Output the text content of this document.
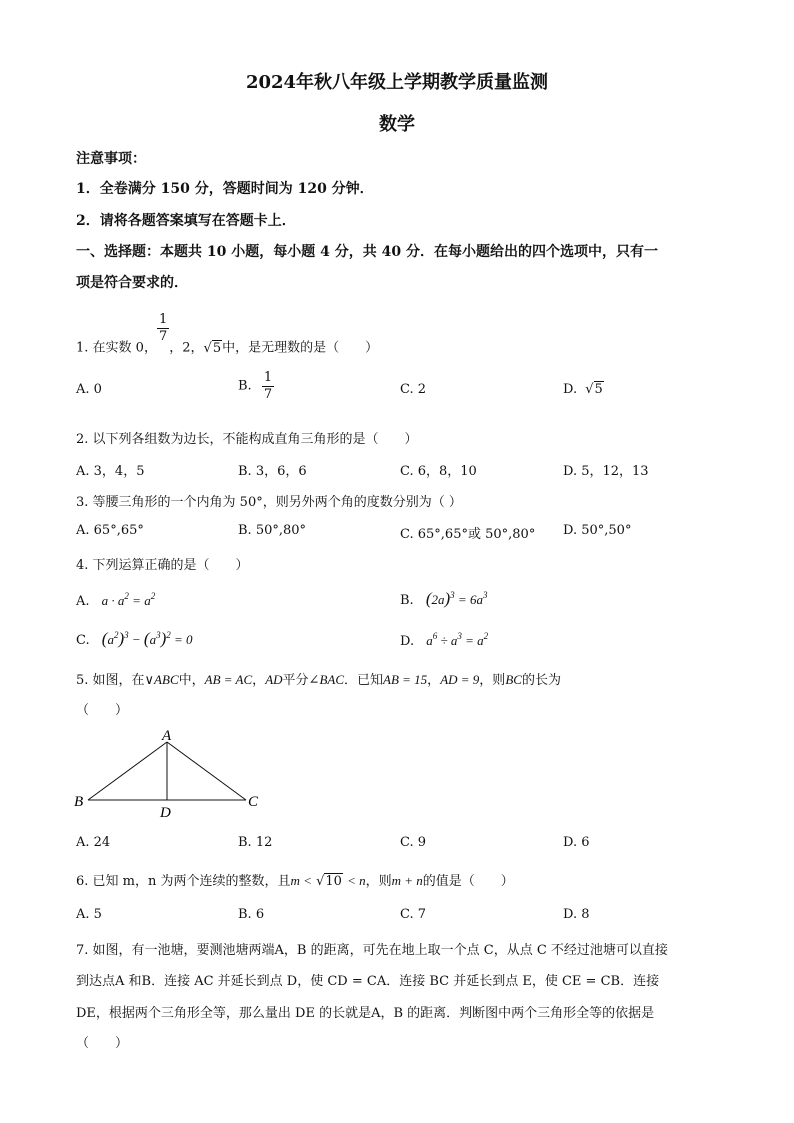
2024年秋八年级上学期教学质量监测
数学
注意事项：
1．全卷满分 150 分，答题时间为 120 分钟．
2．请将各题答案填写在答题卡上．
一、选择题：本题共 10 小题，每小题 4 分，共 40 分．在每小题给出的四个选项中，只有一
项是符合要求的．
1. 在实数 0，
$\frac{1}{7}$
，2，√5中，是无理数的是（　　）
A. 0	B. $\frac{1}{7}$	C. 2	D. √5
2. 以下列各组数为边长，不能构成直角三角形的是（　　）
A. 3，4，5	B. 3，6，6	C. 6，8，10	D. 5，12，13
3. 等腰三角形的一个内角为 50°，则另外两个角的度数分别为（ ）
A. 65°,65°	B. 50°,80°	C. 65°,65°或 50°,80° D. 50°,50°
4. 下列运算正确的是（　　）
A. $a \cdot a^2 = a^2$	B. $(2a)^3 = 6a^3$
C. $(a^2)^3 - (a^3)^2 = 0$	D. $a^6 \div a^3 = a^2$
5. 如图，在∨ABC中，AB = AC，AD平分∠BAC．已知AB = 15，AD = 9，则BC的长为
（　　）
A
B	C
D
A. 24	B. 12	C. 9	D. 6
6. 已知 m，n 为两个连续的整数，且m < √10 < n，则m + n的值是（　　）
A. 5	B. 6	C. 7	D. 8
7. 如图，有一池塘，要测池塘两端A，B 的距离，可先在地上取一个点 C，从点 C 不经过池塘可以直接
到达点A 和B．连接 AC 并延长到点 D，使 CD = CA．连接 BC 并延长到点 E，使 CE = CB．连接
DE，根据两个三角形全等，那么量出 DE 的长就是A，B 的距离．判断图中两个三角形全等的依据是
（　　）
